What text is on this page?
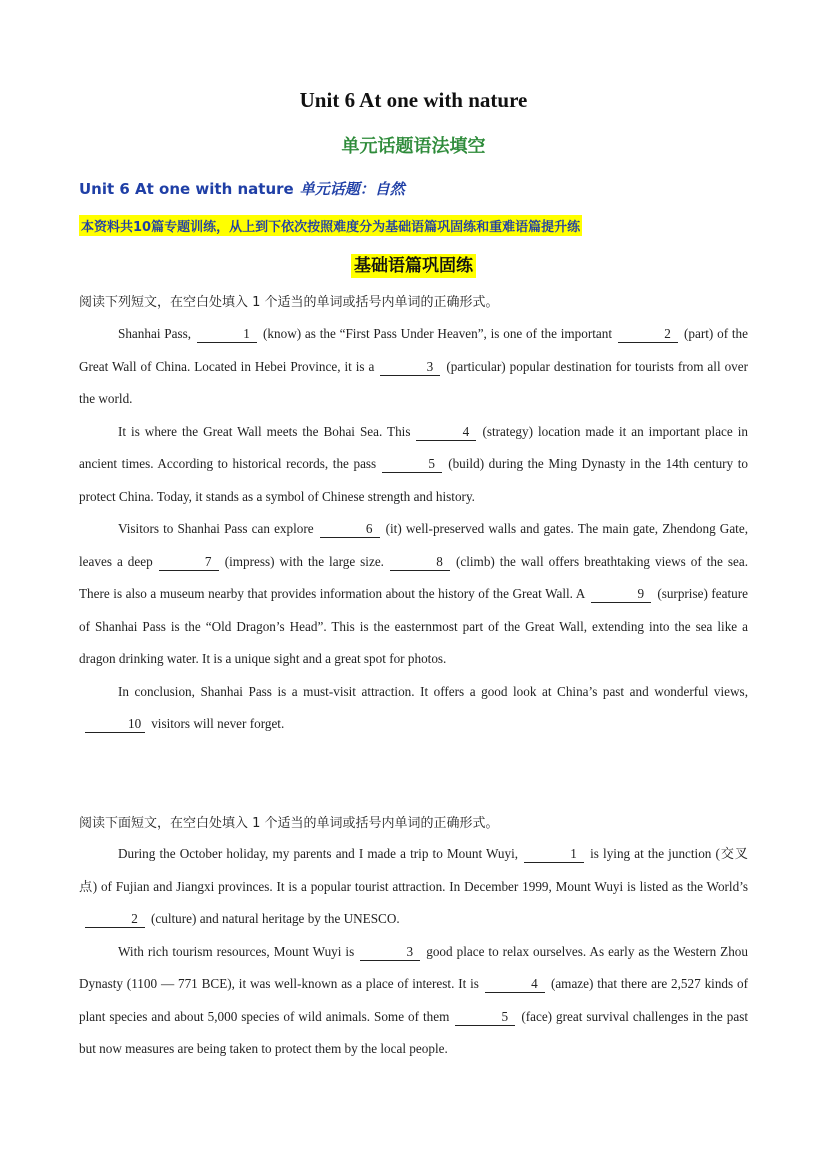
Unit 6 At one with nature
单元话题语法填空
Unit 6 At one with nature 单元话题：自然
本资料共10篇专题训练，从上到下依次按照难度分为基础语篇巩固练和重难语篇提升练
基础语篇巩固练
阅读下列短文，在空白处填入 1 个适当的单词或括号内单词的正确形式。

Shanhai Pass,	1 (know) as the “First Pass Under Heaven”, is one of the important	2 (part) of the Great Wall of China. Located in Hebei Province, it is a	3 (particular) popular destination for tourists from all over the world.

It is where the Great Wall meets the Bohai Sea. This	4 (strategy) location made it an important place in ancient times. According to historical records, the pass	5 (build) during the Ming Dynasty in the 14th century to protect China. Today, it stands as a symbol of Chinese strength and history.

Visitors to Shanhai Pass can explore	6 (it) well-preserved walls and gates. The main gate, Zhendong Gate, leaves a deep	7 (impress) with the large size.	8 (climb) the wall offers breathtaking views of the sea. There is also a museum nearby that provides information about the history of the Great Wall. A	9 (surprise) feature of Shanhai Pass is the “Old Dragon’s Head”. This is the easternmost part of the Great Wall, extending into the sea like a dragon drinking water. It is a unique sight and a great spot for photos.

In conclusion, Shanhai Pass is a must-visit attraction. It offers a good look at China’s past and wonderful views,10 visitors will never forget.

阅读下面短文，在空白处填入 1 个适当的单词或括号内单词的正确形式。

During the October holiday, my parents and I made a trip to Mount Wuyi,	1 is lying at the junction (交叉点) of Fujian and Jiangxi provinces. It is a popular tourist attraction. In December 1999, Mount Wuyi is listed as the World’s2 (culture) and natural heritage by the UNESCO.

With rich tourism resources, Mount Wuyi is	3 good place to relax ourselves. As early as the Western Zhou Dynasty (1100 — 771 BCE), it was well-known as a place of interest. It is	4 (amaze) that there are 2,527 kinds of plant species and about 5,000 species of wild animals. Some of them	5 (face) great survival challenges in the past but now measures are being taken to protect them by the local people.
